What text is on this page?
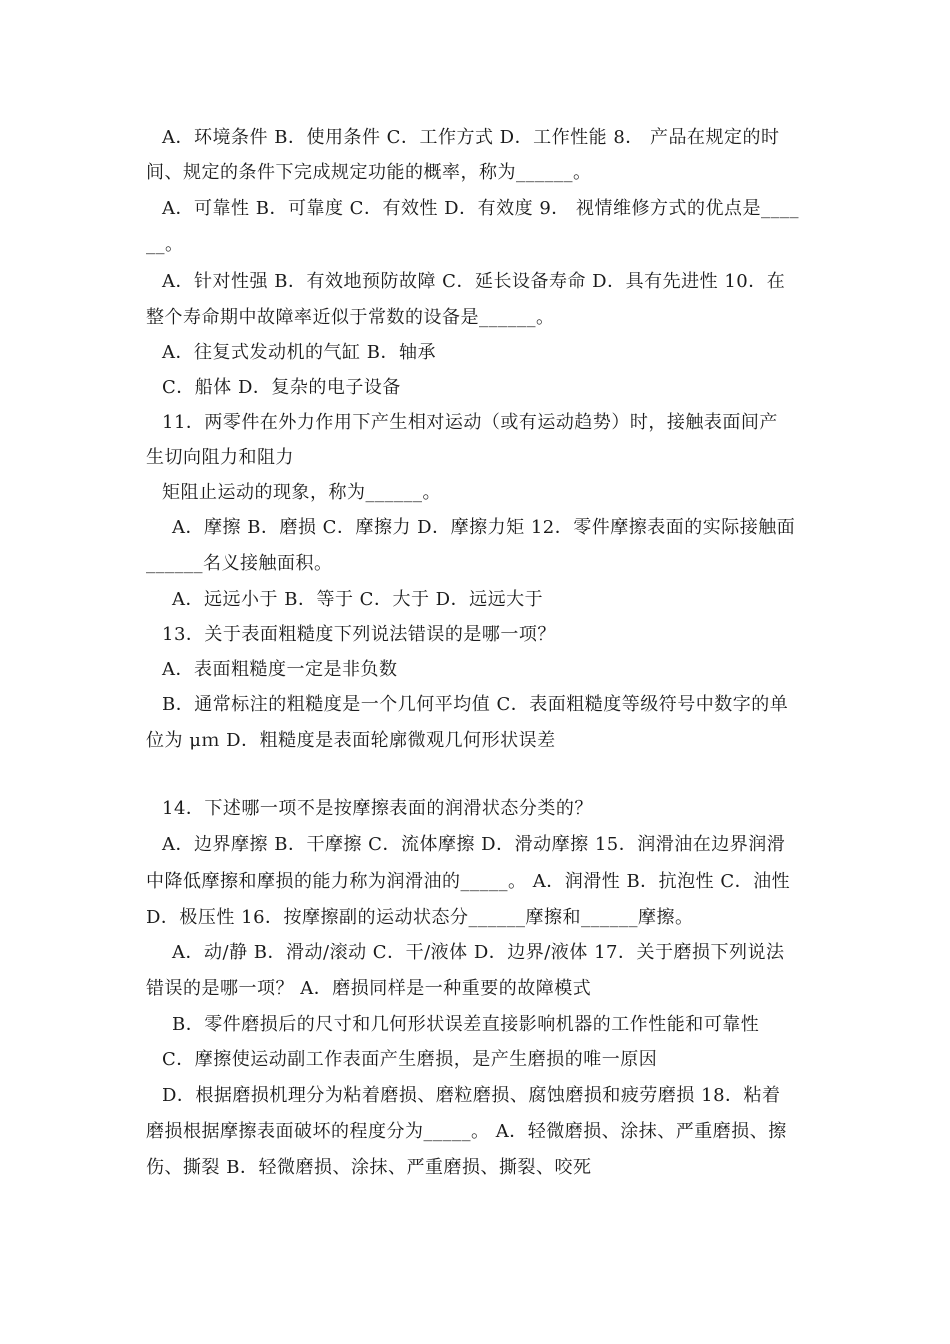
A．环境条件 B．使用条件 C．工作方式 D．工作性能 8． 产品在规定的时
间、规定的条件下完成规定功能的概率，称为______。
A．可靠性 B．可靠度 C．有效性 D．有效度 9． 视情维修方式的优点是____
__。
A．针对性强 B．有效地预防故障 C．延长设备寿命 D．具有先进性 10．在
整个寿命期中故障率近似于常数的设备是______。
A．往复式发动机的气缸 B．轴承
C．船体 D．复杂的电子设备
11．两零件在外力作用下产生相对运动（或有运动趋势）时，接触表面间产
生切向阻力和阻力
矩阻止运动的现象，称为______。
A．摩擦 B．磨损 C．摩擦力 D．摩擦力矩 12．零件摩擦表面的实际接触面
______名义接触面积。
A．远远小于 B．等于 C．大于 D．远远大于
13．关于表面粗糙度下列说法错误的是哪一项？
A．表面粗糙度一定是非负数
B．通常标注的粗糙度是一个几何平均值 C．表面粗糙度等级符号中数字的单
位为 μｍ D．粗糙度是表面轮廓微观几何形状误差
14．下述哪一项不是按摩擦表面的润滑状态分类的？
A．边界摩擦 B．干摩擦 C．流体摩擦 D．滑动摩擦 15．润滑油在边界润滑
中降低摩擦和摩损的能力称为润滑油的_____。 A．润滑性 B．抗泡性 C．油性
D．极压性 16．按摩擦副的运动状态分______摩擦和______摩擦。
A．动/静 B．滑动/滚动 C．干/液体 D．边界/液体 17．关于磨损下列说法
错误的是哪一项？ A．磨损同样是一种重要的故障模式
B．零件磨损后的尺寸和几何形状误差直接影响机器的工作性能和可靠性
C．摩擦使运动副工作表面产生磨损，是产生磨损的唯一原因
D．根据磨损机理分为粘着磨损、磨粒磨损、腐蚀磨损和疲劳磨损 18．粘着
磨损根据摩擦表面破坏的程度分为_____。 A．轻微磨损、涂抹、严重磨损、擦
伤、撕裂 B．轻微磨损、涂抹、严重磨损、撕裂、咬死
